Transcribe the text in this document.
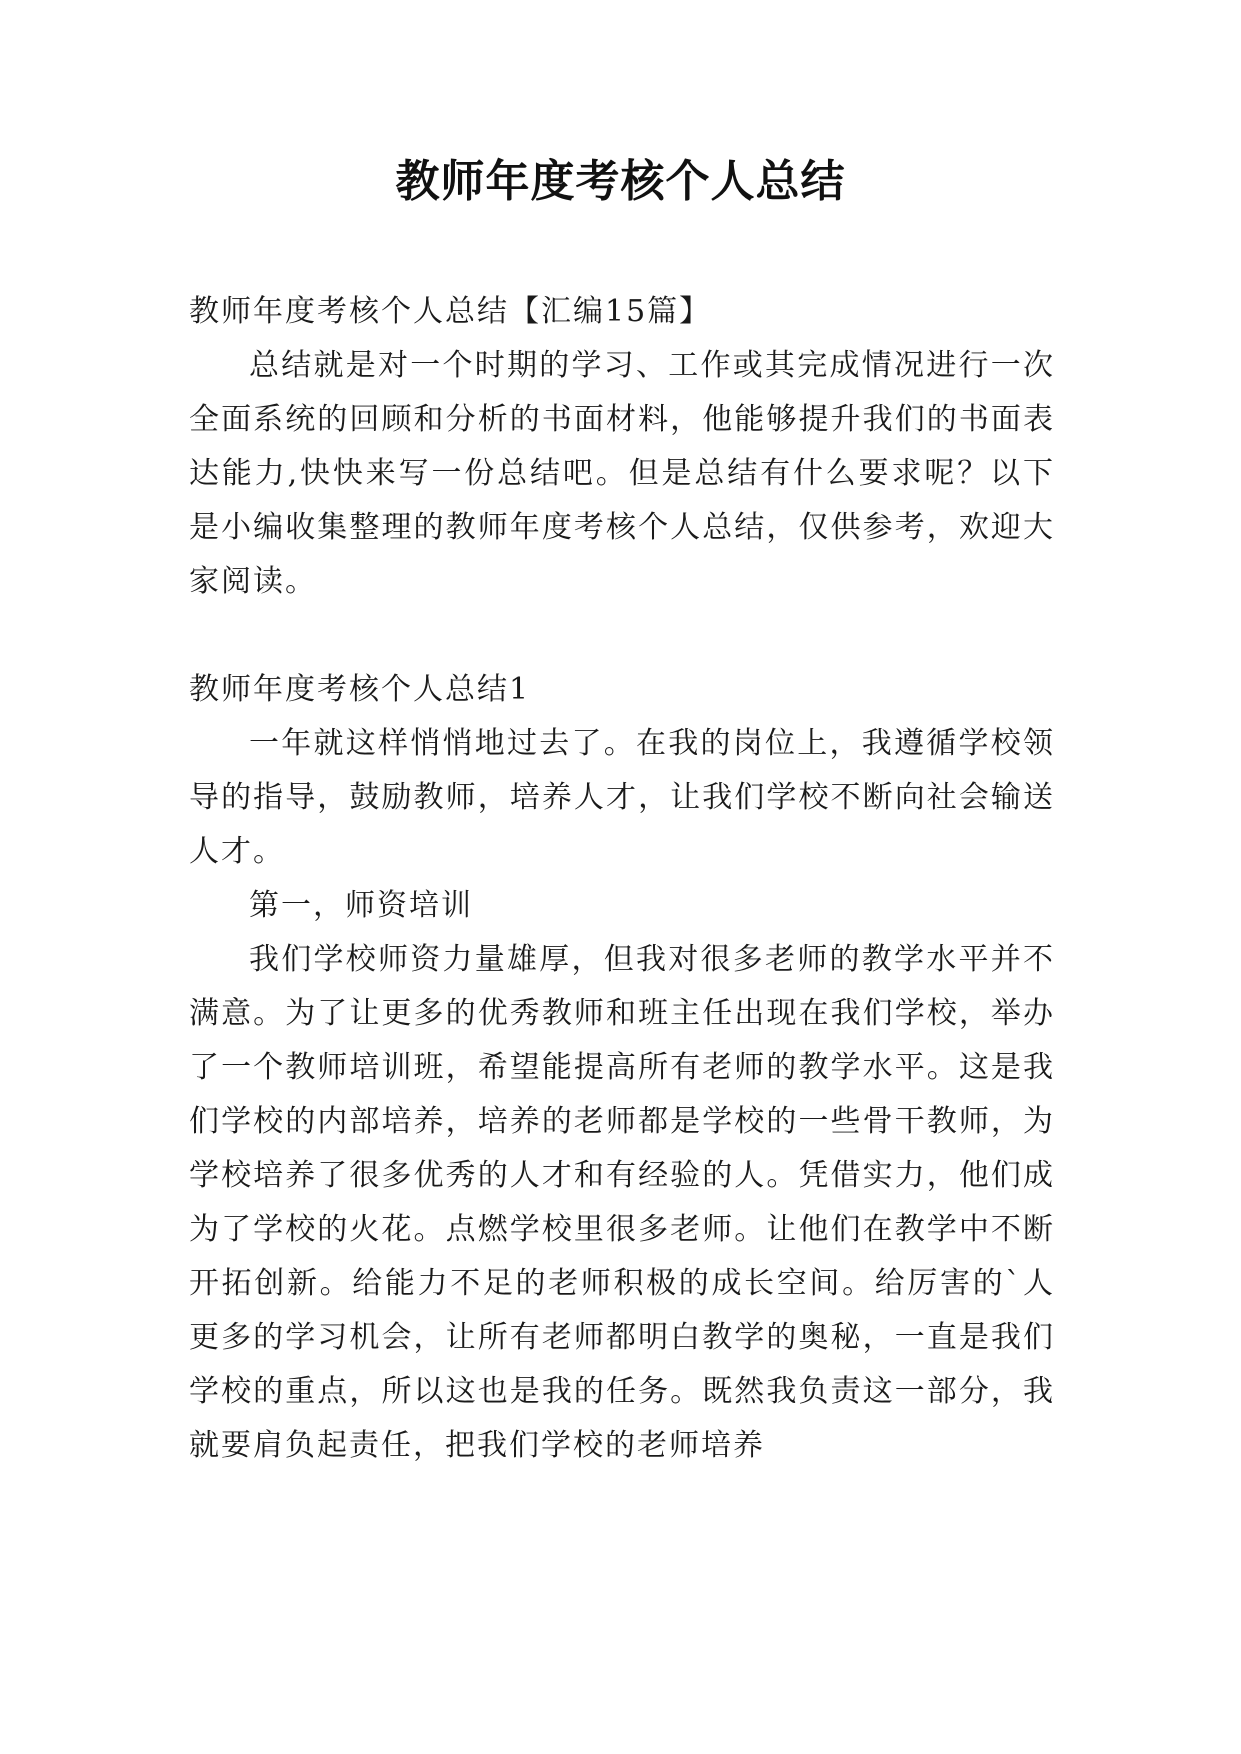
教师年度考核个人总结

教师年度考核个人总结【汇编15篇】

总结就是对一个时期的学习、工作或其完成情况进行一次全面系统的回顾和分析的书面材料，他能够提升我们的书面表达能力,快快来写一份总结吧。但是总结有什么要求呢？以下是小编收集整理的教师年度考核个人总结，仅供参考，欢迎大家阅读。

教师年度考核个人总结1

一年就这样悄悄地过去了。在我的岗位上，我遵循学校领导的指导，鼓励教师，培养人才，让我们学校不断向社会输送人才。

第一，师资培训

我们学校师资力量雄厚，但我对很多老师的教学水平并不满意。为了让更多的优秀教师和班主任出现在我们学校，举办了一个教师培训班，希望能提高所有老师的教学水平。这是我们学校的内部培养，培养的老师都是学校的一些骨干教师，为学校培养了很多优秀的人才和有经验的人。凭借实力，他们成为了学校的火花。点燃学校里很多老师。让他们在教学中不断开拓创新。给能力不足的老师积极的成长空间。给厉害的`人更多的学习机会，让所有老师都明白教学的奥秘，一直是我们学校的重点，所以这也是我的任务。既然我负责这一部分，我就要肩负起责任，把我们学校的老师培养
